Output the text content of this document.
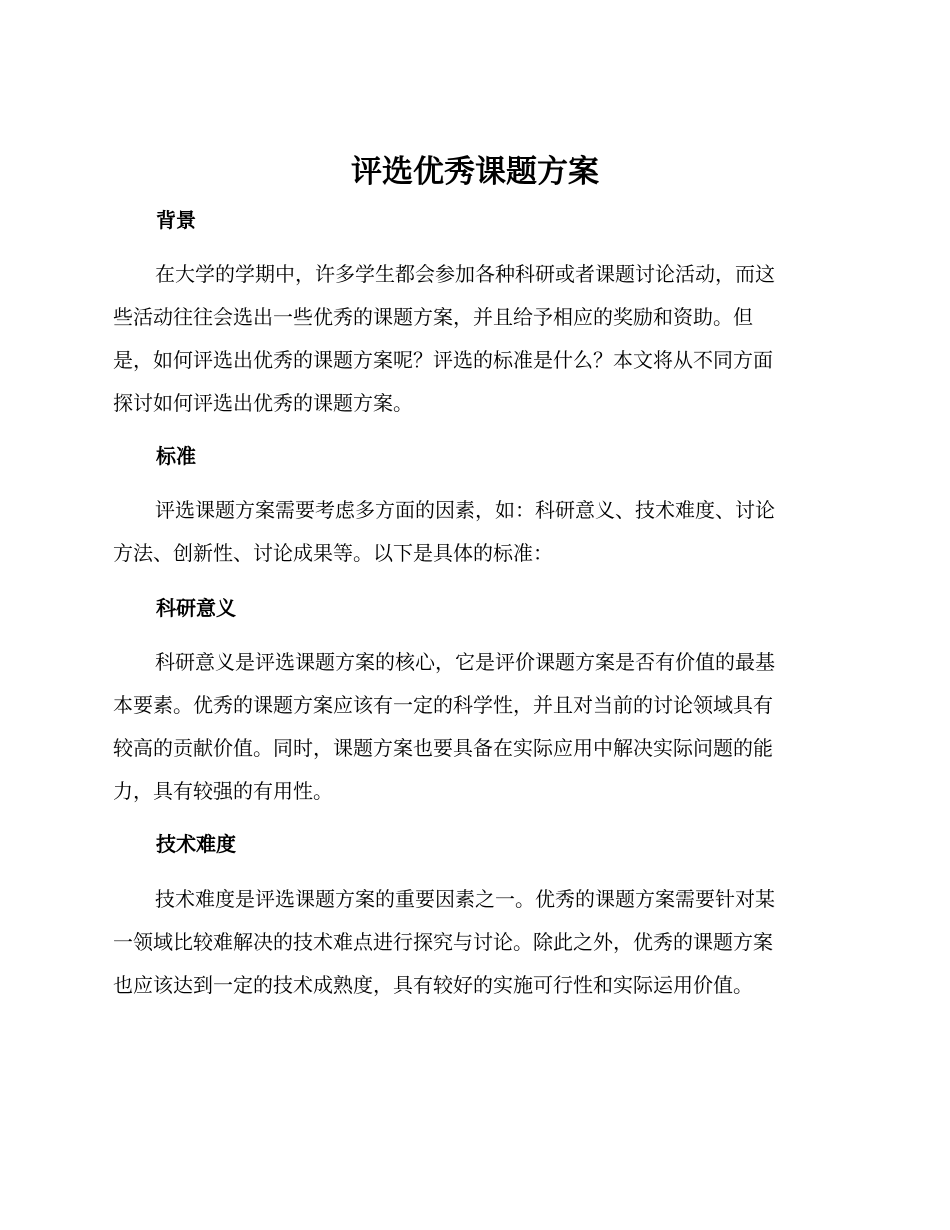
评选优秀课题方案
背景
在大学的学期中，许多学生都会参加各种科研或者课题讨论活动，而这
些活动往往会选出一些优秀的课题方案，并且给予相应的奖励和资助。但
是，如何评选出优秀的课题方案呢？评选的标准是什么？本文将从不同方面
探讨如何评选出优秀的课题方案。
标准
评选课题方案需要考虑多方面的因素，如：科研意义、技术难度、讨论
方法、创新性、讨论成果等。以下是具体的标准：
科研意义
科研意义是评选课题方案的核心，它是评价课题方案是否有价值的最基
本要素。优秀的课题方案应该有一定的科学性，并且对当前的讨论领域具有
较高的贡献价值。同时，课题方案也要具备在实际应用中解决实际问题的能
力，具有较强的有用性。
技术难度
技术难度是评选课题方案的重要因素之一。优秀的课题方案需要针对某
一领域比较难解决的技术难点进行探究与讨论。除此之外，优秀的课题方案
也应该达到一定的技术成熟度，具有较好的实施可行性和实际运用价值。
